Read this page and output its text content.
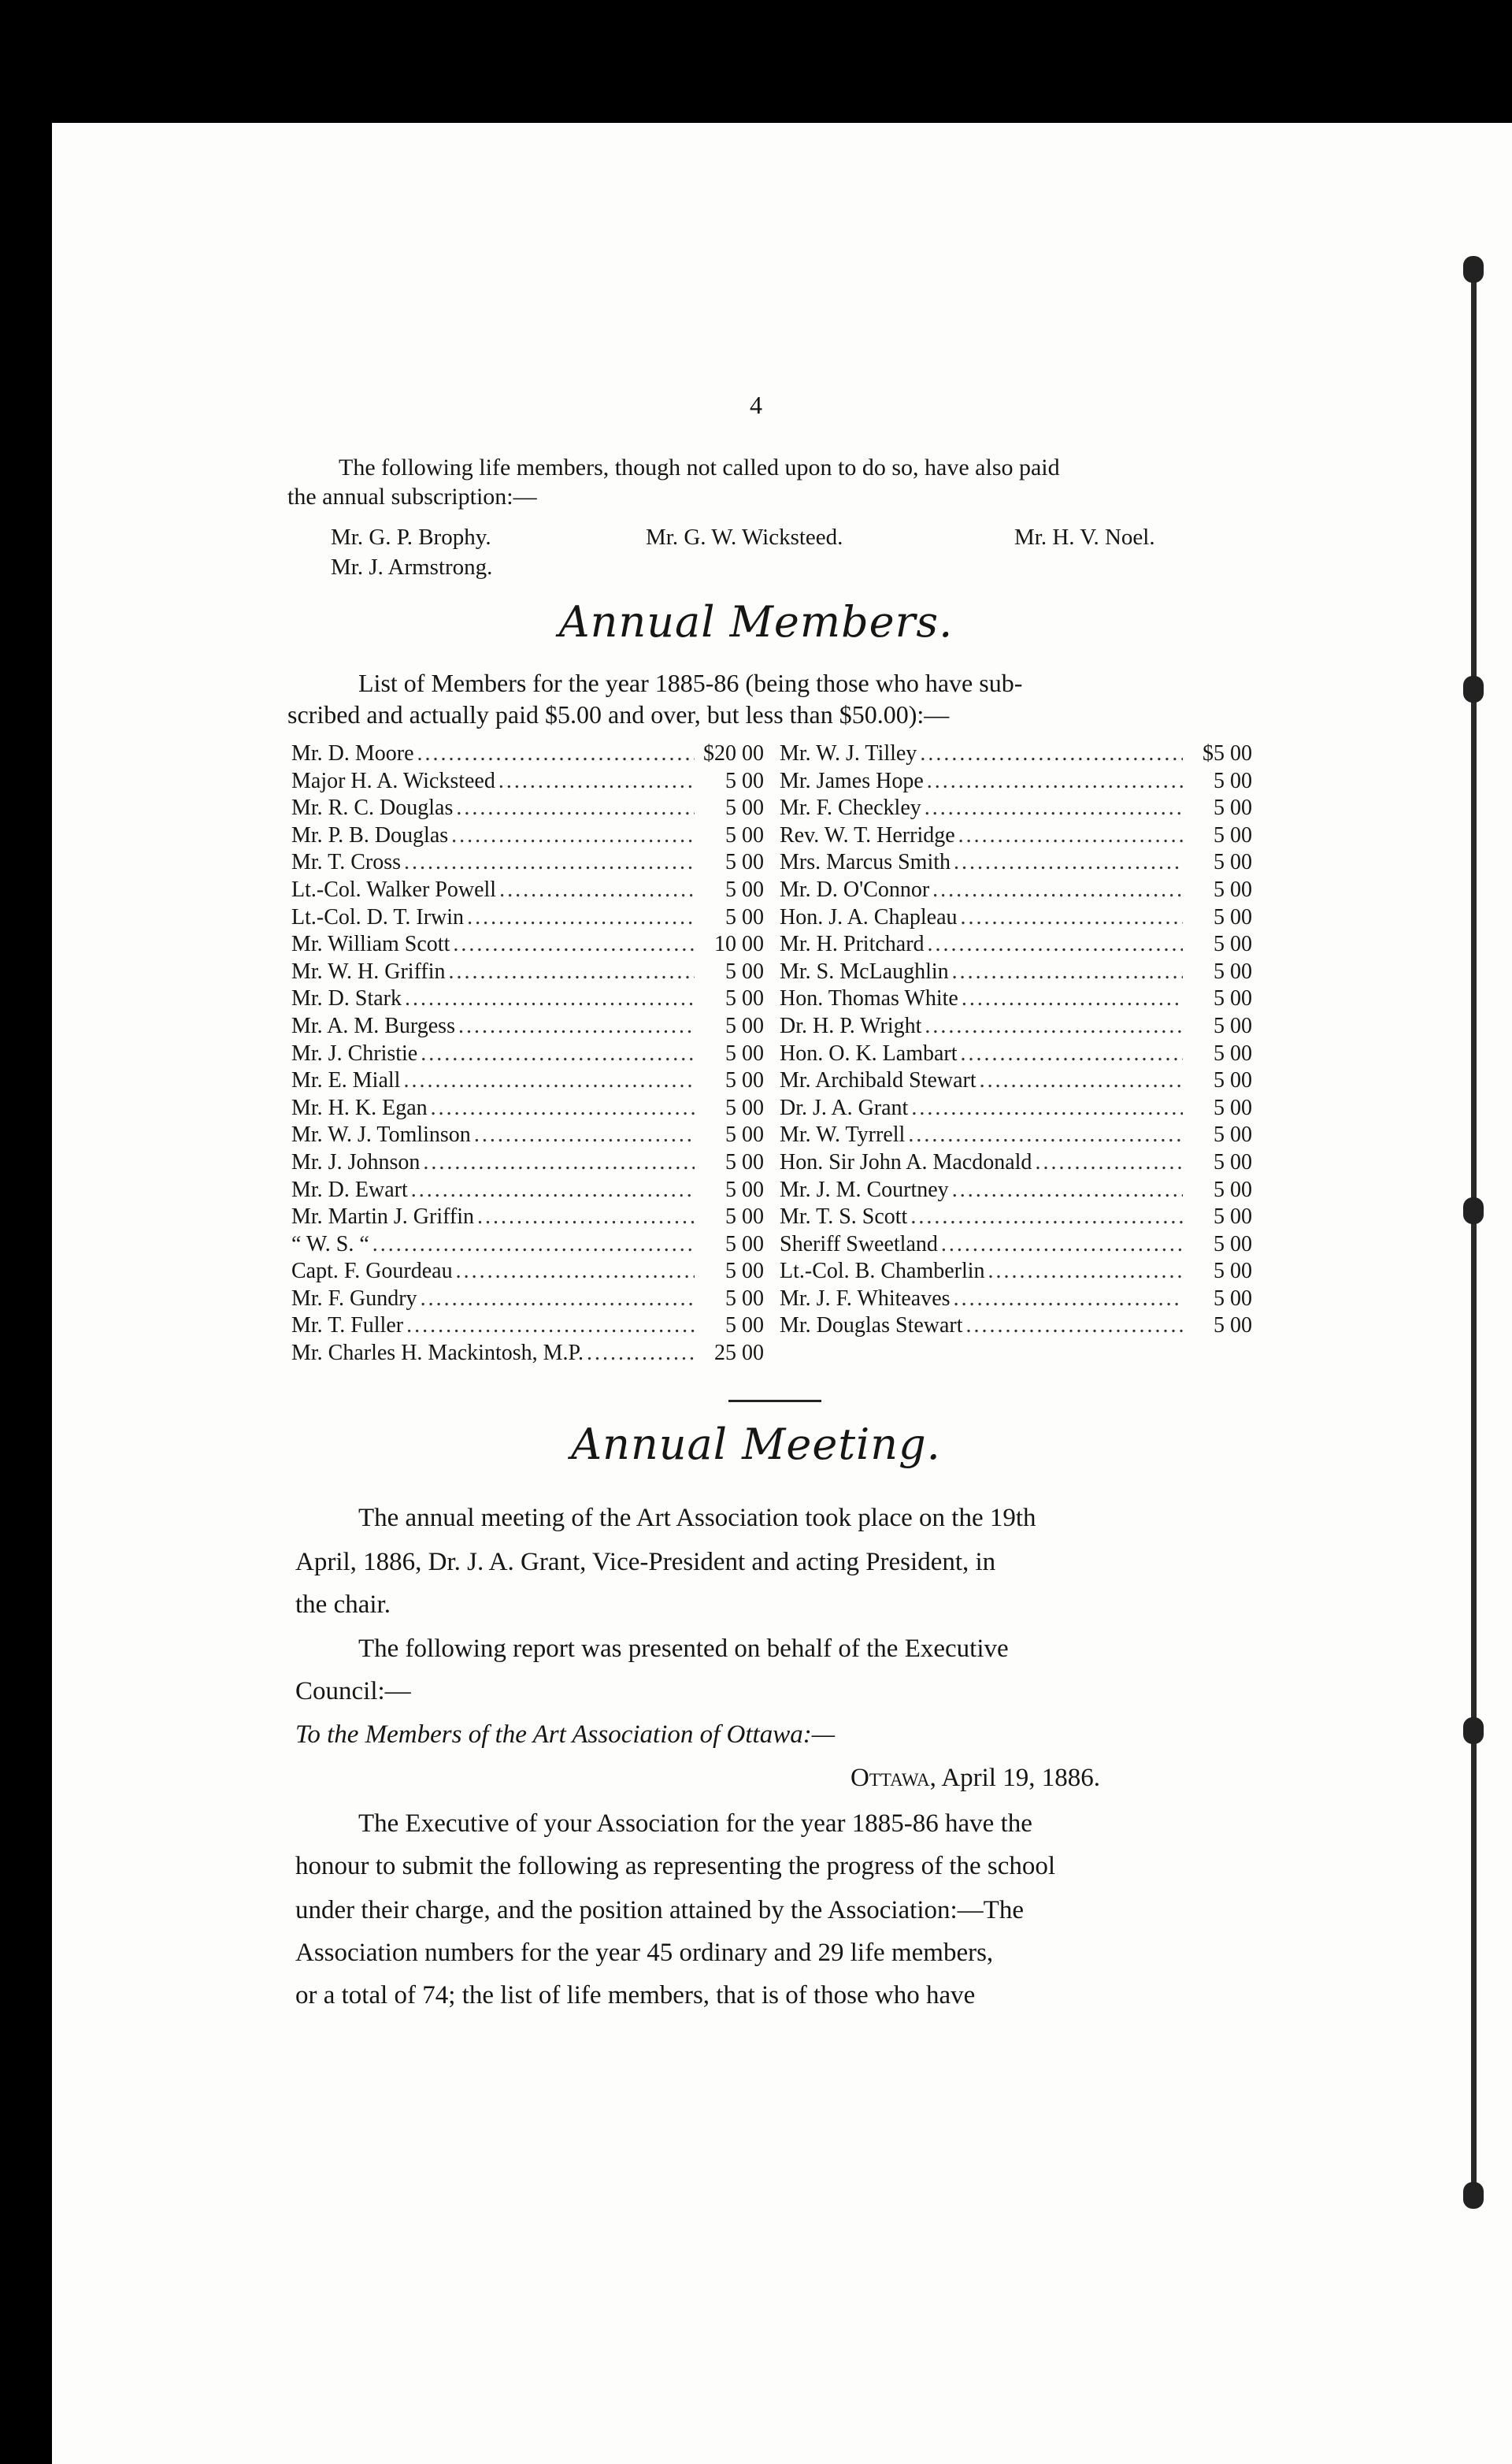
4
The following life members, though not called upon to do so, have also paid
the annual subscription:—
Mr. G. P. Brophy.	Mr. G. W. Wicksteed.	Mr. H. V. Noel.
Mr. J. Armstrong.
Annual Members.
List of Members for the year 1885-86 (being those who have sub-
scribed and actually paid $5.00 and over, but less than $50.00):—
Mr. D. Moore .....	$20 00
Major H. A. Wicksteed .....	5 00
Mr. R. C. Douglas .....	5 00
Mr. P. B. Douglas .....	5 00
Mr. T. Cross .....	5 00
Lt.-Col. Walker Powell .....	5 00
Lt.-Col. D. T. Irwin .....	5 00
Mr. William Scott .....	10 00
Mr. W. H. Griffin .....	5 00
Mr. D. Stark .....	5 00
Mr. A. M. Burgess .....	5 00
Mr. J. Christie .....	5 00
Mr. E. Miall .....	5 00
Mr. H. K. Egan .....	5 00
Mr. W. J. Tomlinson .....	5 00
Mr. J. Johnson .....	5 00
Mr. D. Ewart .....	5 00
Mr. Martin J. Griffin .....	5 00
“ W. S. “ .....	5 00
Capt. F. Gourdeau .....	5 00
Mr. F. Gundry .....	5 00
Mr. T. Fuller .....	5 00
Mr. Charles H. Mackintosh, M.P. .....	25 00
Mr. W. J. Tilley .....	$5 00
Mr. James Hope .....	5 00
Mr. F. Checkley .....	5 00
Rev. W. T. Herridge .....	5 00
Mrs. Marcus Smith .....	5 00
Mr. D. O'Connor .....	5 00
Hon. J. A. Chapleau .....	5 00
Mr. H. Pritchard .....	5 00
Mr. S. McLaughlin .....	5 00
Hon. Thomas White .....	5 00
Dr. H. P. Wright .....	5 00
Hon. O. K. Lambart .....	5 00
Mr. Archibald Stewart .....	5 00
Dr. J. A. Grant .....	5 00
Mr. W. Tyrrell .....	5 00
Hon. Sir John A. Macdonald .....	5 00
Mr. J. M. Courtney .....	5 00
Mr. T. S. Scott .....	5 00
Sheriff Sweetland .....	5 00
Lt.-Col. B. Chamberlin .....	5 00
Mr. J. F. Whiteaves .....	5 00
Mr. Douglas Stewart .....	5 00
Annual Meeting.
The annual meeting of the Art Association took place on the 19th
April, 1886, Dr. J. A. Grant, Vice-President and acting President, in
the chair.
The following report was presented on behalf of the Executive
Council:—
To the Members of the Art Association of Ottawa:—
Ottawa, April 19, 1886.
The Executive of your Association for the year 1885-86 have the
honour to submit the following as representing the progress of the school
under their charge, and the position attained by the Association:—The
Association numbers for the year 45 ordinary and 29 life members,
or a total of 74; the list of life members, that is of those who have
